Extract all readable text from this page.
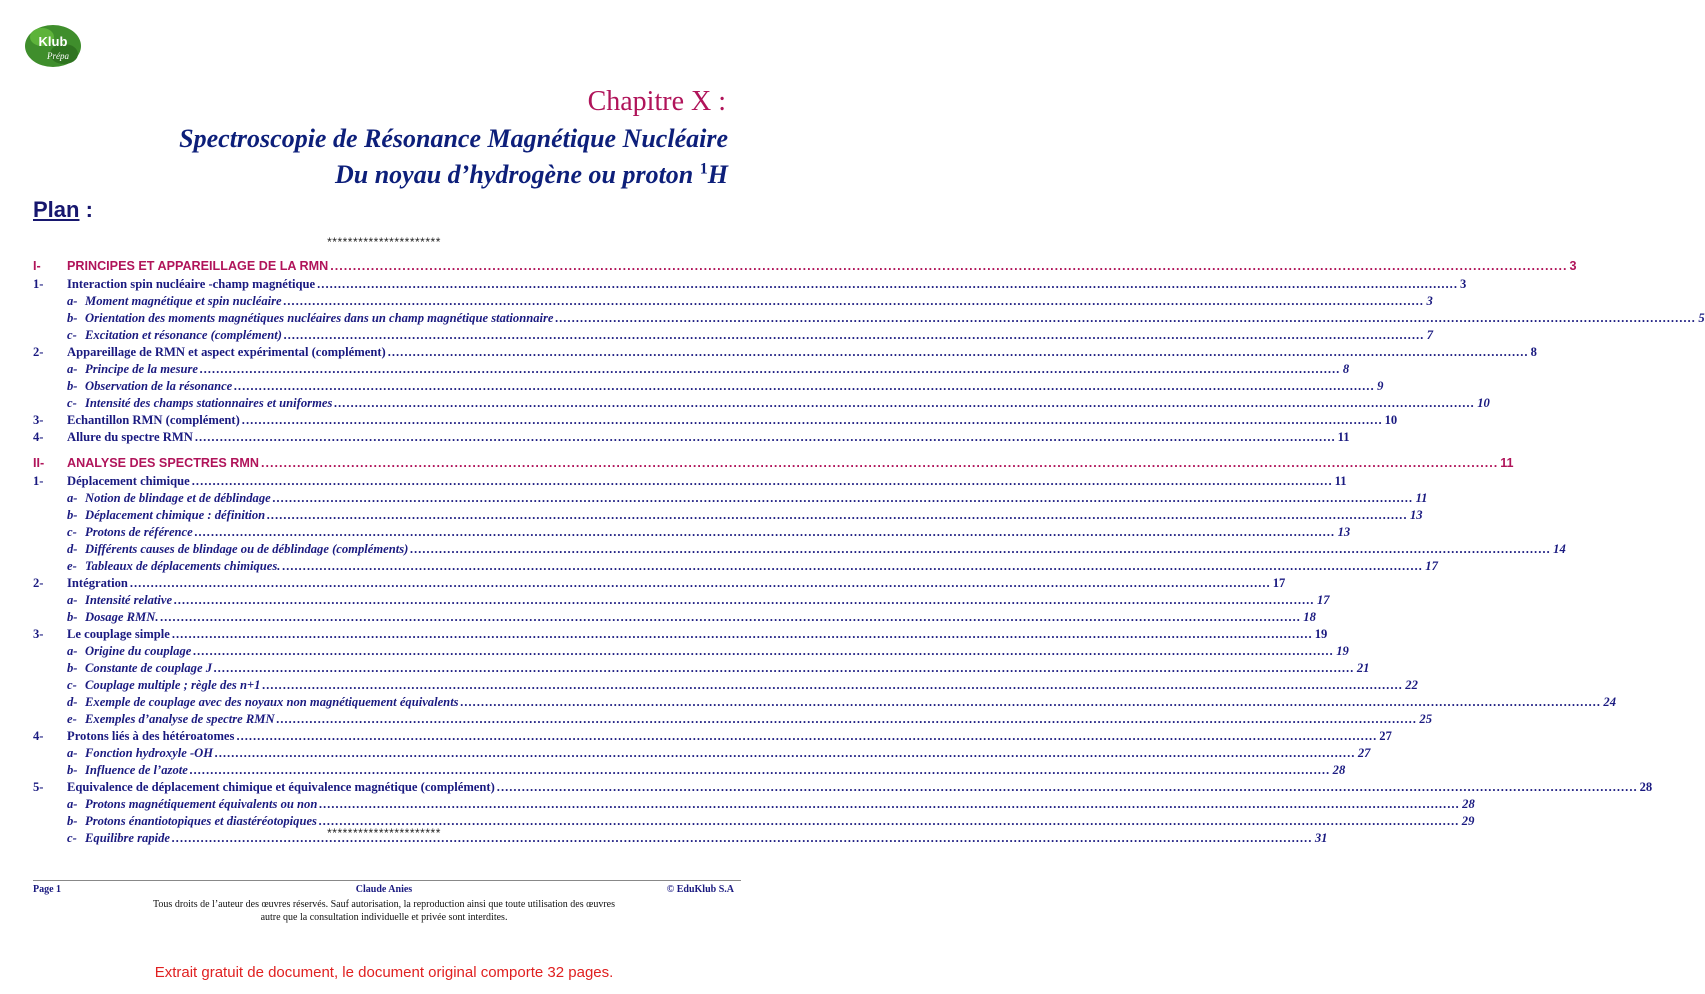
Klub
Prépa
Chapitre X :
Spectroscopie de Résonance Magnétique Nucléaire
Du noyau d’hydrogène ou proton $^1$H
Plan :
**********************
I-	PRINCIPES ET APPAREILLAGE DE LA RMN .....	3
1-	Interaction spin nucléaire -champ magnétique .....	3
a- Moment magnétique et spin nucléaire .....	3
b- Orientation des moments magnétiques nucléaires dans un champ magnétique stationnaire .....	5
c- Excitation et résonance (complément) .....	7
2-	Appareillage de RMN et aspect expérimental (complément) .....	8
a- Principe de la mesure .....	8
b- Observation de la résonance .....	9
c- Intensité des champs stationnaires et uniformes .....	10
3-	Echantillon RMN (complément) .....	10
4-	Allure du spectre RMN .....	11
II-	ANALYSE DES SPECTRES RMN .....	11
1-	Déplacement chimique .....	11
a- Notion de blindage et de déblindage .....	11
b- Déplacement chimique : définition .....	13
c- Protons de référence .....	13
d- Différents causes de blindage ou de déblindage (compléments) .....	14
e- Tableaux de déplacements chimiques. .....	17
2-	Intégration .....	17
a- Intensité relative .....	17
b- Dosage RMN. .....	18
3-	Le couplage simple .....	19
a- Origine du couplage .....	19
b- Constante de couplage J .....	21
c- Couplage multiple ; règle des n+1 .....	22
d- Exemple de couplage avec des noyaux non magnétiquement équivalents .....	24
e- Exemples d’analyse de spectre RMN .....	25
4-	Protons liés à des hétéroatomes .....	27
a- Fonction hydroxyle -OH .....	27
b- Influence de l’azote .....	28
5-	Equivalence de déplacement chimique et équivalence magnétique (complément) .....	28
a- Protons magnétiquement équivalents ou non .....	28
b- Protons énantiotopiques et diastéréotopiques .....	29
c- Equilibre rapide .....	31
**********************
Page 1	Claude Anies	© EduKlub S.A
Tous droits de l’auteur des œuvres réservés. Sauf autorisation, la reproduction ainsi que toute utilisation des œuvres
autre que la consultation individuelle et privée sont interdites.
Extrait gratuit de document, le document original comporte 32 pages.
